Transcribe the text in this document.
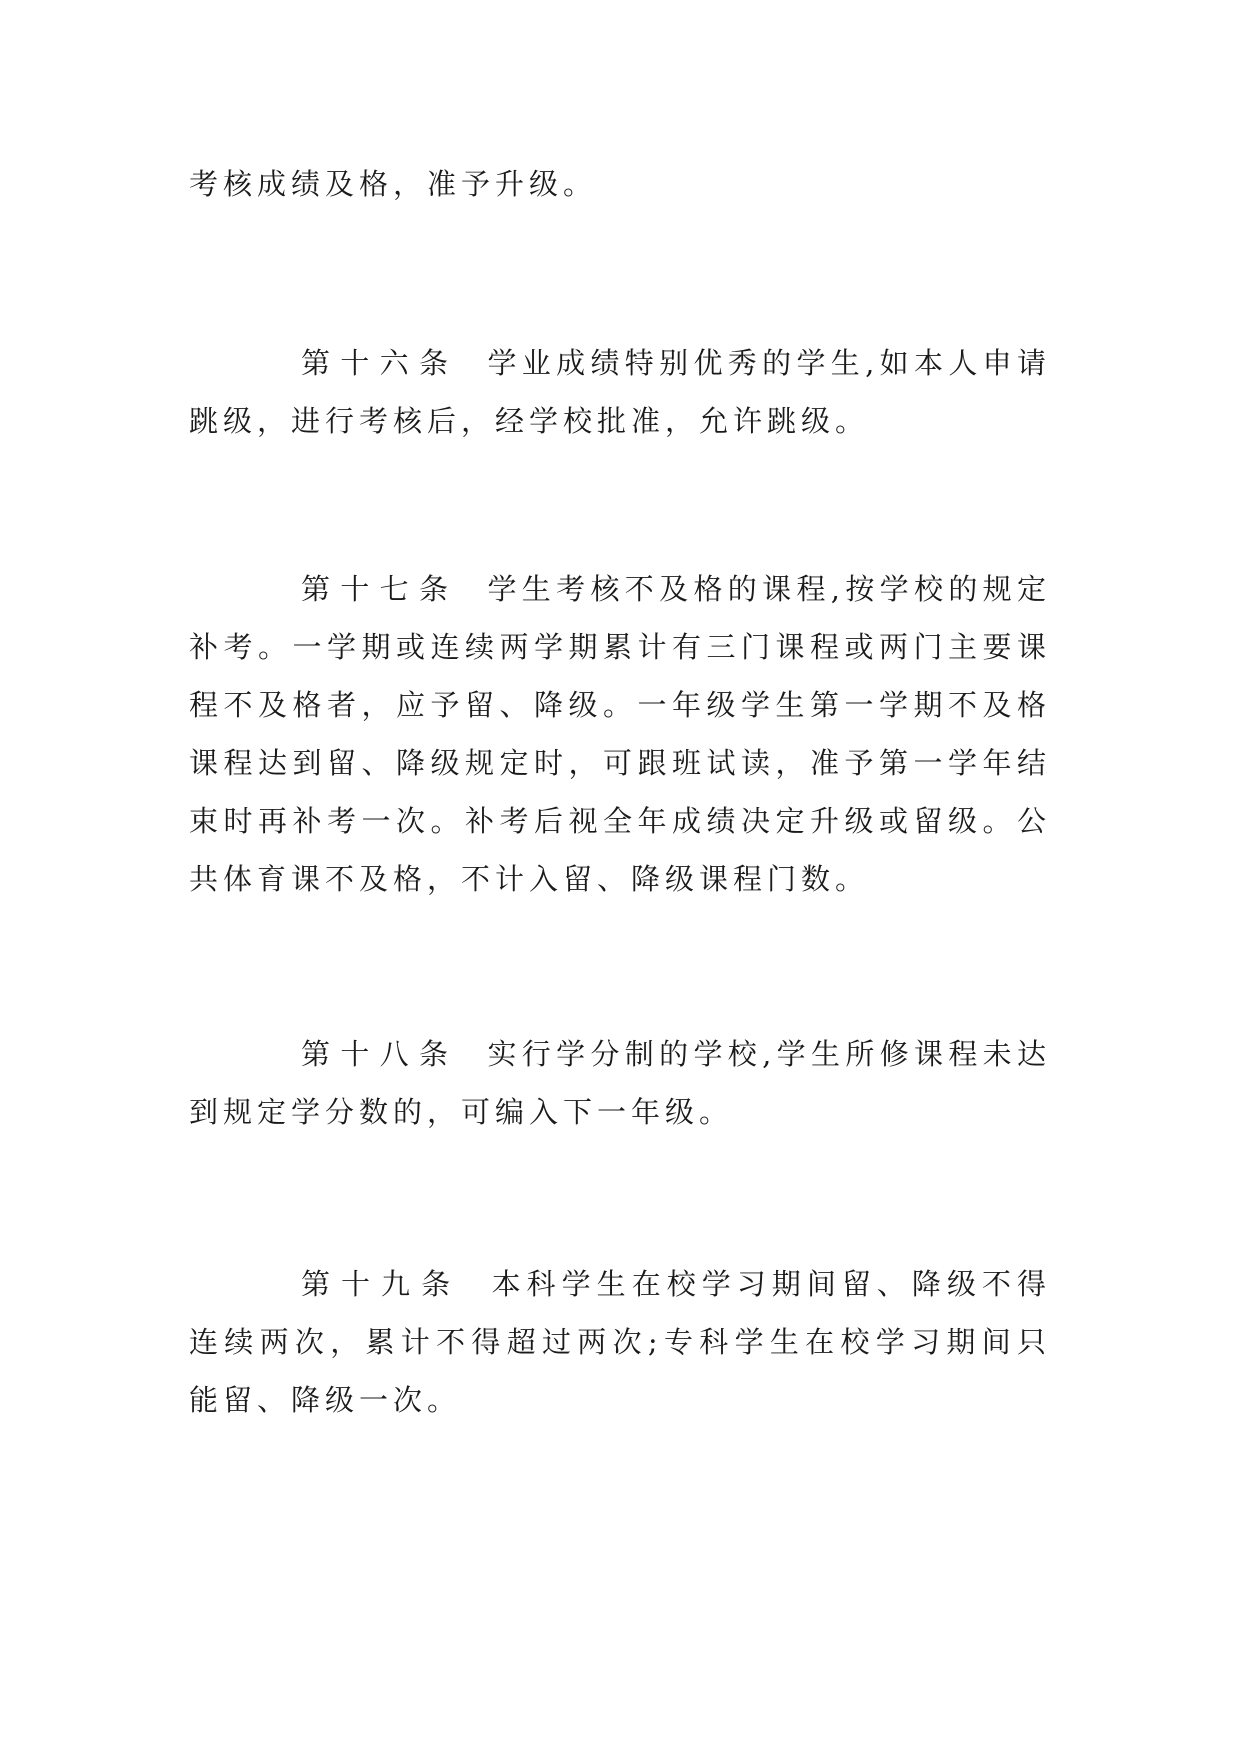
考核成绩及格，准予升级。

第十六条 学业成绩特别优秀的学生,如本人申请跳级，进行考核后，经学校批准，允许跳级。

第十七条 学生考核不及格的课程,按学校的规定补考。一学期或连续两学期累计有三门课程或两门主要课程不及格者，应予留、降级。一年级学生第一学期不及格课程达到留、降级规定时，可跟班试读，准予第一学年结束时再补考一次。补考后视全年成绩决定升级或留级。公共体育课不及格，不计入留、降级课程门数。

第十八条 实行学分制的学校,学生所修课程未达到规定学分数的，可编入下一年级。

第十九条 本科学生在校学习期间留、降级不得连续两次，累计不得超过两次;专科学生在校学习期间只能留、降级一次。
